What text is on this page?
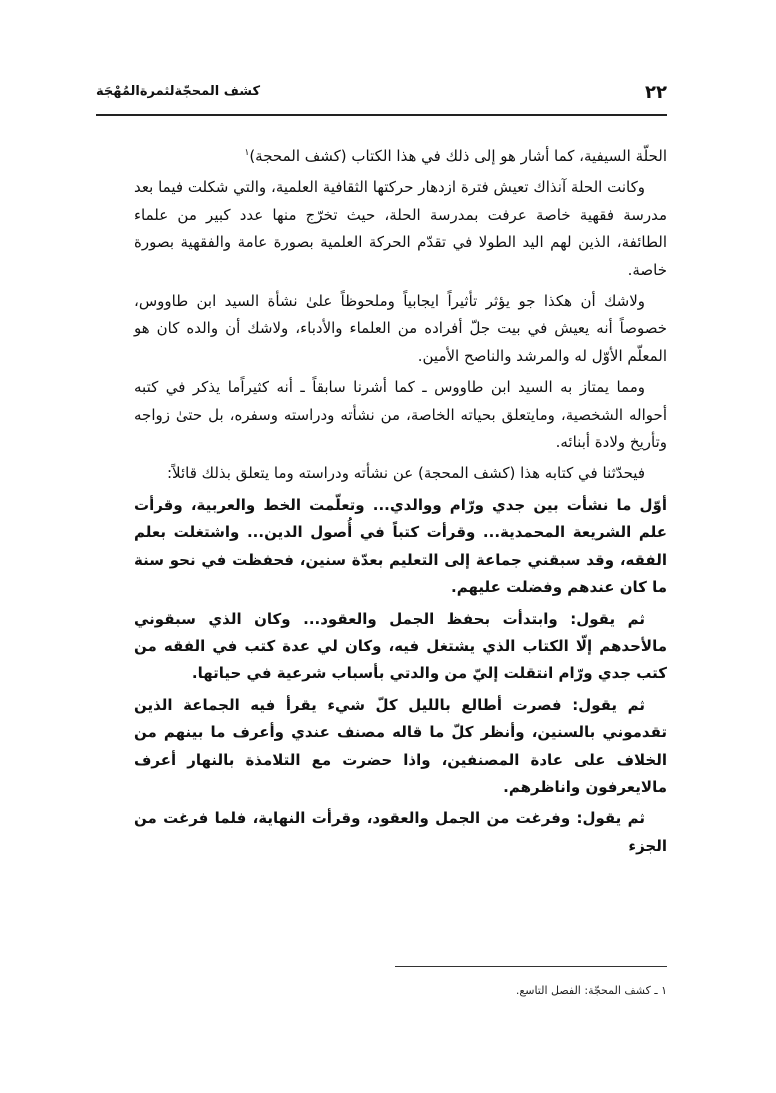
٢٢
كشف المحجّةلثمرةالمُهْجَة

الحلّة السيفية، كما أشار هو إلى ذلك في هذا الكتاب (كشف المحجة)$^١$

وكانت الحلة آنذاك تعيش فترة ازدهار حركتها الثقافية العلمية، والتي شكلت فيما بعد مدرسة فقهية خاصة عرفت بمدرسة الحلة، حيث تخرّج منها عدد كبير من علماء الطائفة، الذين لهم اليد الطولا في تقدّم الحركة العلمية بصورة عامة والفقهية بصورة خاصة.

ولاشك أن هكذا جو يؤثر تأثيراً ايجابياً وملحوظاً علىٰ نشأة السيد ابن طاووس، خصوصاً أنه يعيش في بيت جلّ أفراده من العلماء والأدباء، ولاشك أن والده كان هو المعلّم الأوّل له والمرشد والناصح الأمين.

ومما يمتاز به السيد ابن طاووس ـ كما أشرنا سابقاً ـ أنه كثيراًما يذكر في كتبه أحواله الشخصية، ومايتعلق بحياته الخاصة، من نشأته ودراسته وسفره، بل حتىٰ زواجه وتأريخ ولادة أبنائه.

فيحدّثنا في كتابه هذا (كشف المحجة) عن نشأته ودراسته وما يتعلق بذلك قائلاً:

أوّل ما نشأت بين جدي ورّام ووالدي... وتعلّمت الخط والعربية، وقرأت علم الشريعة المحمدية... وقرأت كتباً في أُصول الدين... واشتغلت بعلم الفقه، وقد سبقني جماعة إلى التعليم بعدّة سنين، فحفظت في نحو سنة ما كان عندهم وفضلت عليهم.

ثم يقول: وابتدأت بحفظ الجمل والعقود... وكان الذي سبقوني مالأحدهم إلّا الكتاب الذي يشتغل فيه، وكان لي عدة كتب في الفقه من كتب جدي ورّام انتقلت إليّ من والدتي بأسباب شرعية في حياتها.

ثم يقول: فصرت أطالع بالليل كلّ شيء يقرأ فيه الجماعة الذين تقدموني بالسنين، وأنظر كلّ ما قاله مصنف عندي وأعرف ما بينهم من الخلاف على عادة المصنفين، واذا حضرت مع التلامذة بالنهار أعرف مالايعرفون واناظرهم.

ثم يقول: وفرغت من الجمل والعقود، وقرأت النهاية، فلما فرغت من الجزء

١ ـ كشف المحجّة: الفصل التاسع.
